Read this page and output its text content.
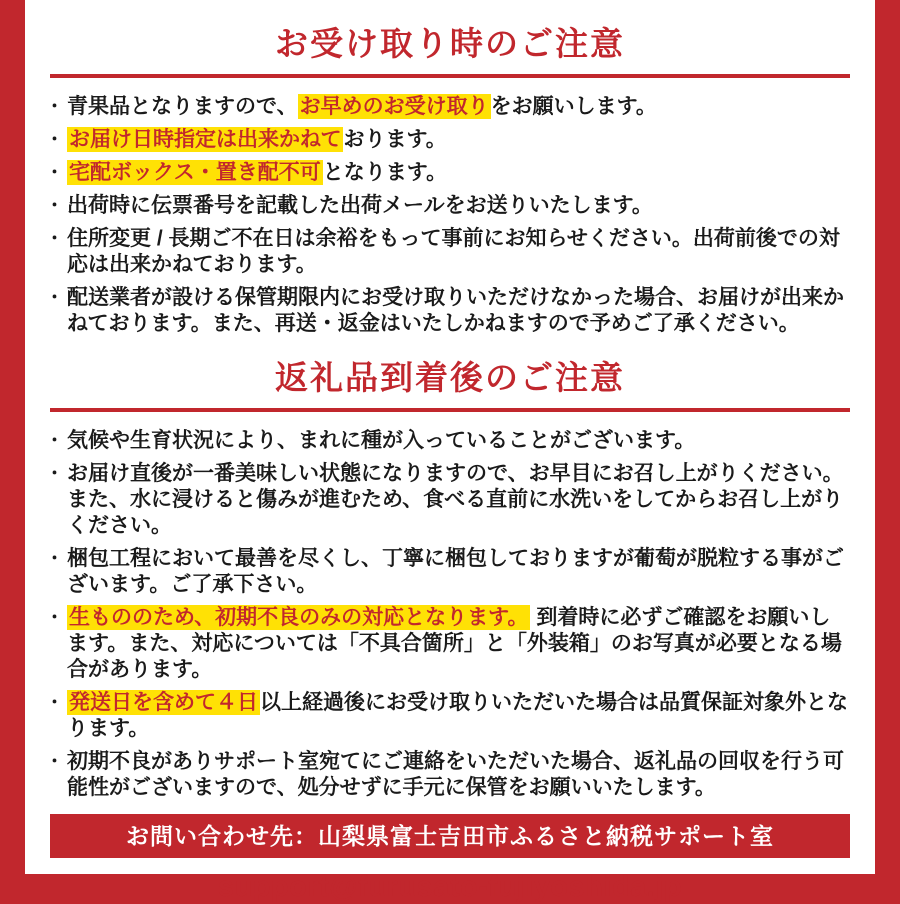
お受け取り時のご注意
・ 青果品となりますので、お早めのお受け取りをお願いします。
・ お届け日時指定は出来かねております。
・ 宅配ボックス・置き配不可となります。
・ 出荷時に伝票番号を記載した出荷メールをお送りいたします。
・ 住所変更 / 長期ご不在日は余裕をもって事前にお知らせください。出荷前後での対応は出来かねております。
・ 配送業者が設ける保管期限内にお受け取りいただけなかった場合、お届けが出来かねております。また、再送・返金はいたしかねますので予めご了承ください。
返礼品到着後のご注意
・ 気候や生育状況により、まれに種が入っていることがございます。
・ お届け直後が一番美味しい状態になりますので、お早目にお召し上がりください。また、水に浸けると傷みが進むため、食べる直前に水洗いをしてからお召し上がりください。
・ 梱包工程において最善を尽くし、丁寧に梱包しておりますが葡萄が脱粒する事がございます。ご了承下さい。
・ 生もののため、初期不良のみの対応となります。 到着時に必ずご確認をお願いします。また、対応については「不具合箇所」と「外装箱」のお写真が必要となる場合があります。
・ 発送日を含めて４日以上経過後にお受け取りいただいた場合は品質保証対象外となります。
・ 初期不良がありサポート室宛てにご連絡をいただいた場合、返礼品の回収を行う可能性がございますので、処分せずに手元に保管をお願いいたします。
お問い合わせ先：山梨県富士吉田市ふるさと納税サポート室
support@furusato-fujiyoshida.jp
